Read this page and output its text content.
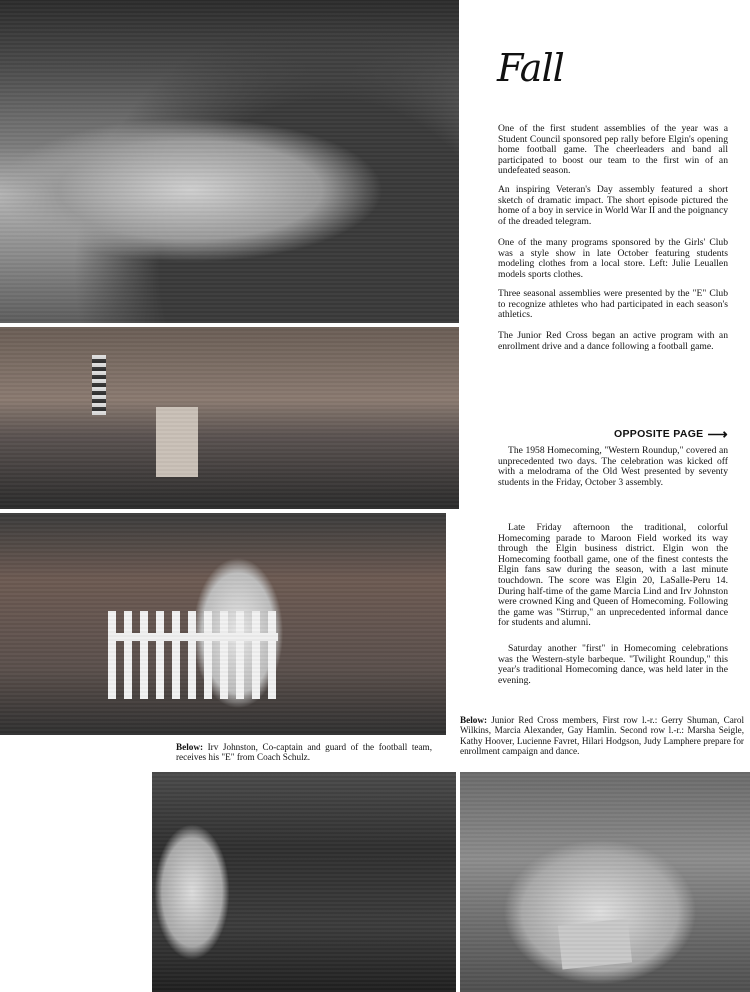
Fall

One of the first student assemblies of the year was a Student Council sponsored pep rally before Elgin's opening home football game. The cheerleaders and band all participated to boost our team to the first win of an undefeated season.

An inspiring Veteran's Day assembly featured a short sketch of dramatic impact. The short episode pictured the home of a boy in service in World War II and the poignancy of the dreaded telegram.

One of the many programs sponsored by the Girls' Club was a style show in late October featuring students modeling clothes from a local store. Left: Julie Leuallen models sports clothes.

Three seasonal assemblies were presented by the "E" Club to recognize athletes who had participated in each season's athletics.

The Junior Red Cross began an active program with an enrollment drive and a dance following a football game.

OPPOSITE PAGE ⟶

The 1958 Homecoming, "Western Roundup," covered an unprecedented two days. The celebration was kicked off with a melodrama of the Old West presented by seventy students in the Friday, October 3 assembly.

Late Friday afternoon the traditional, colorful Homecoming parade to Maroon Field worked its way through the Elgin business district. Elgin won the Homecoming football game, one of the finest contests the Elgin fans saw during the season, with a last minute touchdown. The score was Elgin 20, LaSalle-Peru 14. During half-time of the game Marcia Lind and Irv Johnston were crowned King and Queen of Homecoming. Following the game was "Stirrup," an unprecedented informal dance for students and alumni.

Saturday another "first" in Homecoming celebrations was the Western-style barbeque. "Twilight Roundup," this year's traditional Homecoming dance, was held later in the evening.

Below: Irv Johnston, Co-captain and guard of the football team, receives his "E" from Coach Schulz.
Below: Junior Red Cross members, First row l.-r.: Gerry Shuman, Carol Wilkins, Marcia Alexander, Gay Hamlin. Second row l.-r.: Marsha Seigle, Kathy Hoover, Lucienne Favret, Hilari Hodgson, Judy Lamphere prepare for enrollment campaign and dance.
